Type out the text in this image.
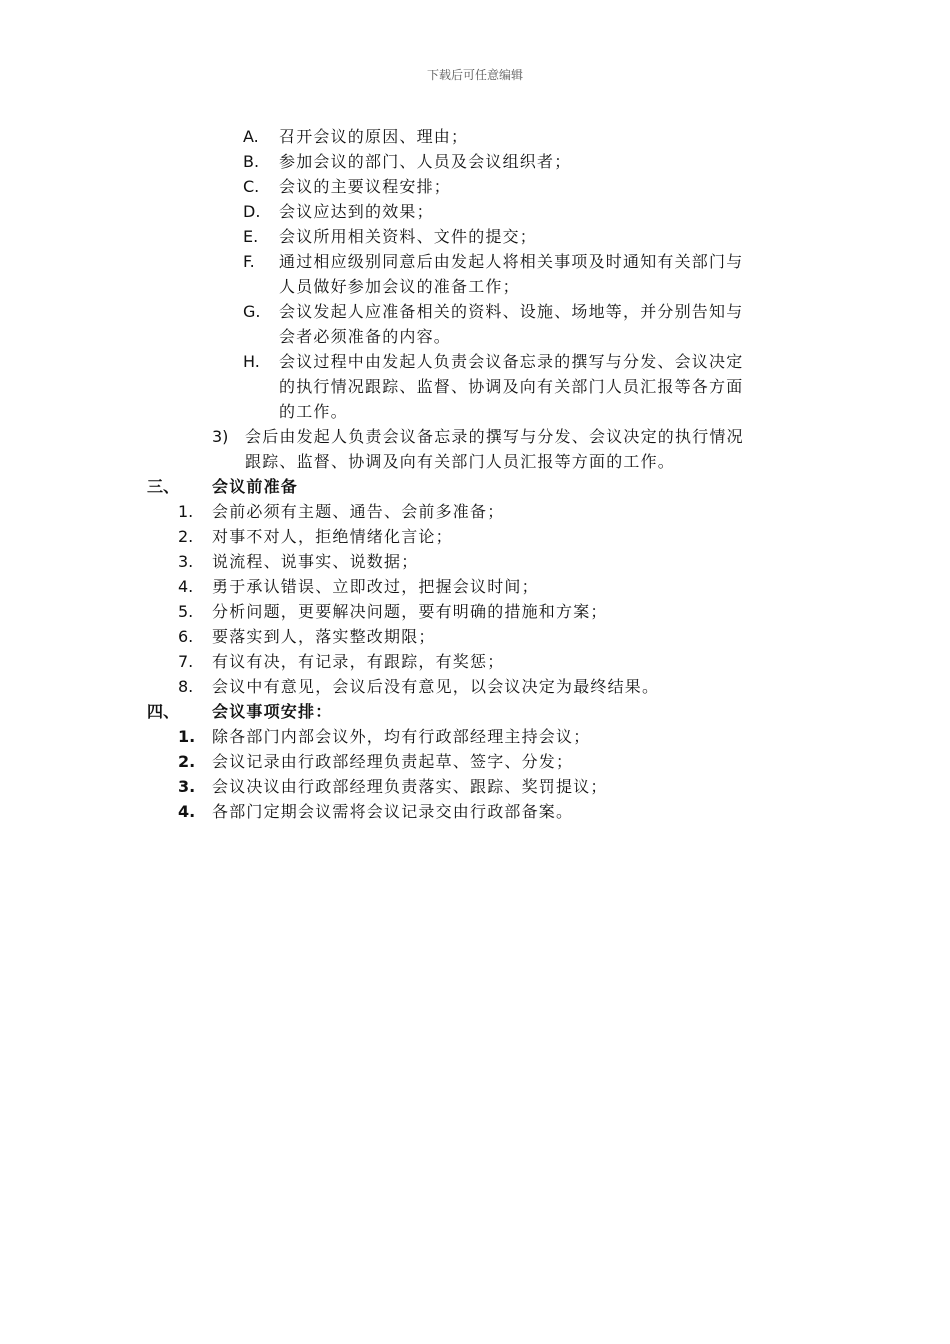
下载后可任意编辑
A. 召开会议的原因、理由；
B. 参加会议的部门、人员及会议组织者；
C. 会议的主要议程安排；
D. 会议应达到的效果；
E. 会议所用相关资料、文件的提交；
F. 通过相应级别同意后由发起人将相关事项及时通知有关部门与
人员做好参加会议的准备工作；
G. 会议发起人应准备相关的资料、设施、场地等，并分别告知与
会者必须准备的内容。
H. 会议过程中由发起人负责会议备忘录的撰写与分发、会议决定
的执行情况跟踪、监督、协调及向有关部门人员汇报等各方面
的工作。
3) 会后由发起人负责会议备忘录的撰写与分发、会议决定的执行情况
跟踪、监督、协调及向有关部门人员汇报等方面的工作。
三、 会议前准备
1. 会前必须有主题、通告、会前多准备；
2. 对事不对人，拒绝情绪化言论；
3. 说流程、说事实、说数据；
4. 勇于承认错误、立即改过，把握会议时间；
5. 分析问题，更要解决问题，要有明确的措施和方案；
6. 要落实到人，落实整改期限；
7. 有议有决，有记录，有跟踪，有奖惩；
8. 会议中有意见，会议后没有意见，以会议决定为最终结果。
四、 会议事项安排：
1. 除各部门内部会议外，均有行政部经理主持会议；
2. 会议记录由行政部经理负责起草、签字、分发；
3. 会议决议由行政部经理负责落实、跟踪、奖罚提议；
4. 各部门定期会议需将会议记录交由行政部备案。
